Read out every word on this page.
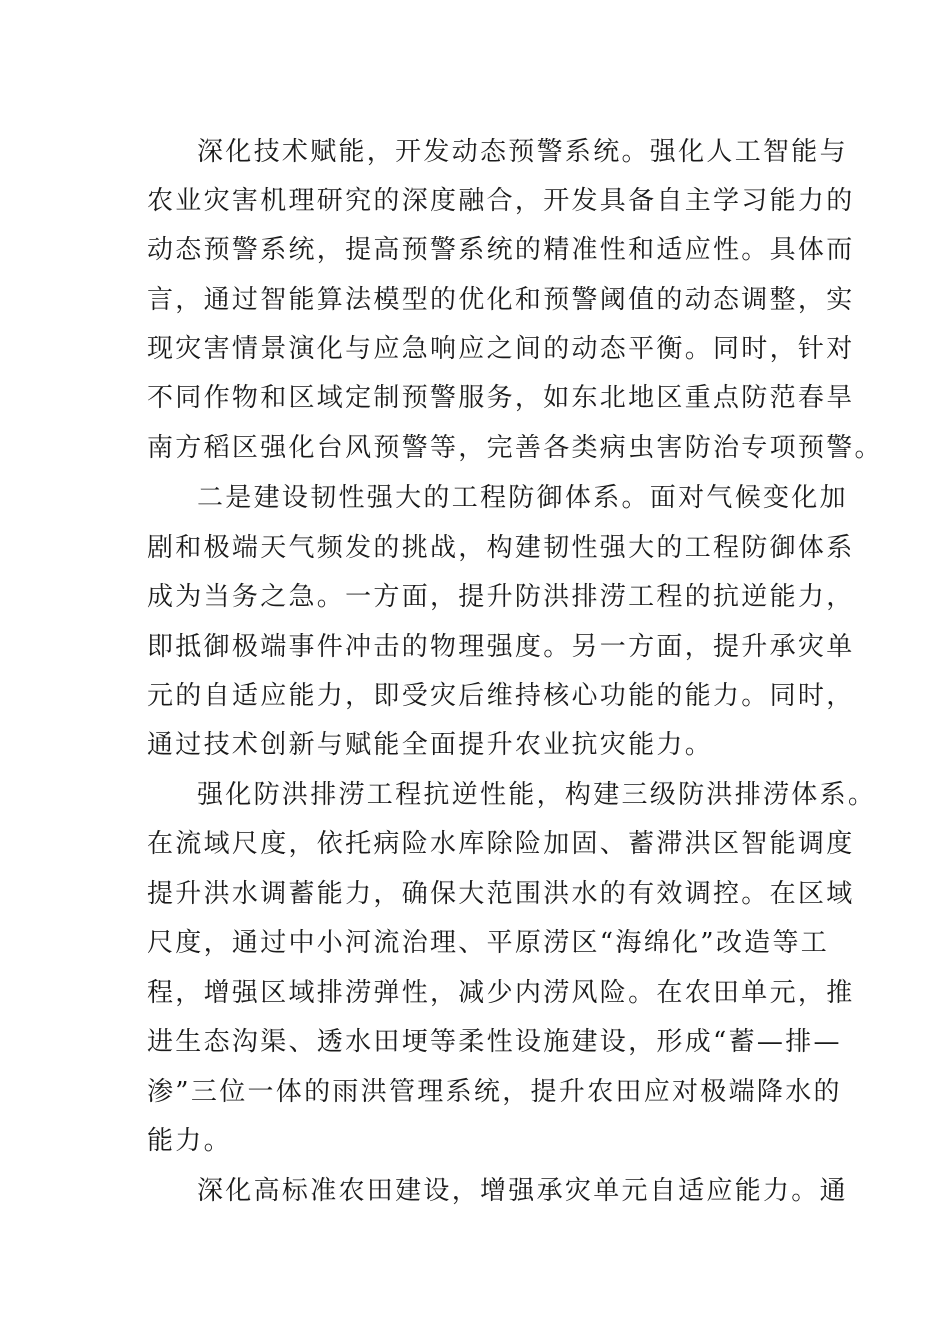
深化技术赋能，开发动态预警系统。强化人工智能与
农业灾害机理研究的深度融合，开发具备自主学习能力的
动态预警系统，提高预警系统的精准性和适应性。具体而
言，通过智能算法模型的优化和预警阈值的动态调整，实
现灾害情景演化与应急响应之间的动态平衡。同时，针对
不同作物和区域定制预警服务，如东北地区重点防范春旱
南方稻区强化台风预警等，完善各类病虫害防治专项预警。
二是建设韧性强大的工程防御体系。面对气候变化加
剧和极端天气频发的挑战，构建韧性强大的工程防御体系
成为当务之急。一方面，提升防洪排涝工程的抗逆能力，
即抵御极端事件冲击的物理强度。另一方面，提升承灾单
元的自适应能力，即受灾后维持核心功能的能力。同时，
通过技术创新与赋能全面提升农业抗灾能力。
强化防洪排涝工程抗逆性能，构建三级防洪排涝体系。
在流域尺度，依托病险水库除险加固、蓄滞洪区智能调度
提升洪水调蓄能力，确保大范围洪水的有效调控。在区域
尺度，通过中小河流治理、平原涝区“海绵化”改造等工
程，增强区域排涝弹性，减少内涝风险。在农田单元，推
进生态沟渠、透水田埂等柔性设施建设，形成“蓄—排—
渗”三位一体的雨洪管理系统，提升农田应对极端降水的
能力。
深化高标准农田建设，增强承灾单元自适应能力。通
